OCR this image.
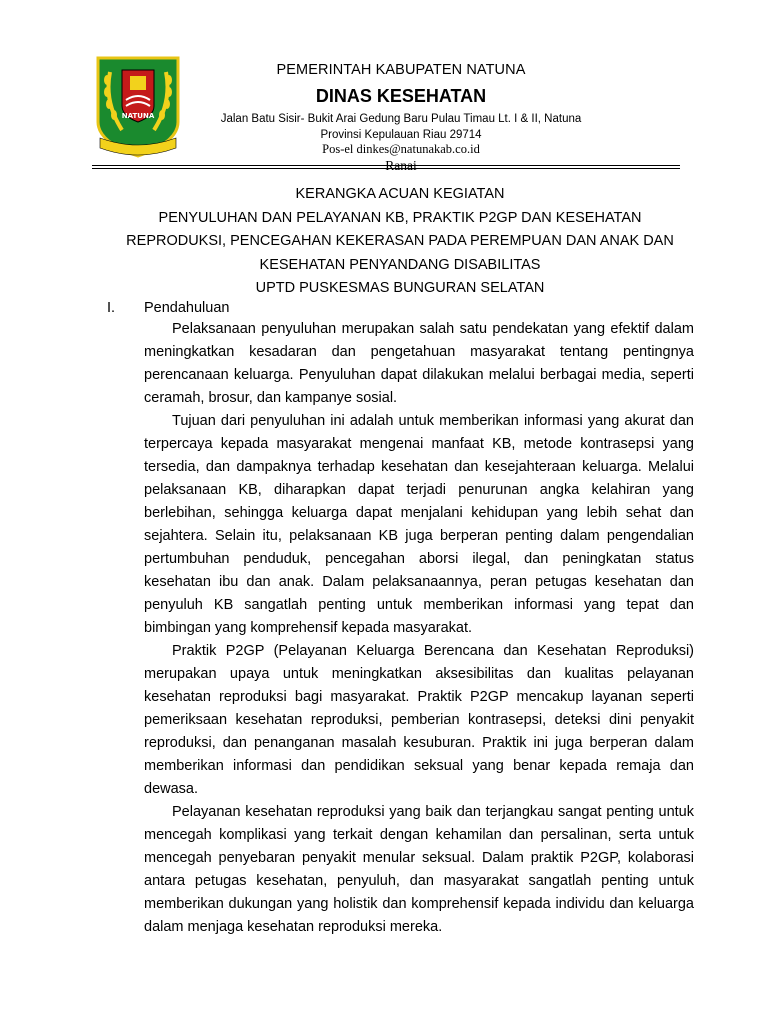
NATUNA
PEMERINTAH KABUPATEN NATUNA
DINAS KESEHATAN
Jalan Batu Sisir- Bukit Arai Gedung Baru Pulau Timau Lt. I & II, Natuna
Provinsi Kepulauan Riau 29714
Pos-el dinkes@natunakab.co.id
Ranai
KERANGKA ACUAN KEGIATAN
PENYULUHAN DAN PELAYANAN KB, PRAKTIK P2GP DAN KESEHATAN
REPRODUKSI, PENCEGAHAN KEKERASAN PADA PEREMPUAN DAN ANAK DAN
KESEHATAN PENYANDANG DISABILITAS
UPTD PUSKESMAS BUNGURAN SELATAN
I. Pendahuluan

Pelaksanaan penyuluhan merupakan salah satu pendekatan yang efektif dalam meningkatkan kesadaran dan pengetahuan masyarakat tentang pentingnya perencanaan keluarga. Penyuluhan dapat dilakukan melalui berbagai media, seperti ceramah, brosur, dan kampanye sosial.

Tujuan dari penyuluhan ini adalah untuk memberikan informasi yang akurat dan terpercaya kepada masyarakat mengenai manfaat KB, metode kontrasepsi yang tersedia, dan dampaknya terhadap kesehatan dan kesejahteraan keluarga. Melalui pelaksanaan KB, diharapkan dapat terjadi penurunan angka kelahiran yang berlebihan, sehingga keluarga dapat menjalani kehidupan yang lebih sehat dan sejahtera. Selain itu, pelaksanaan KB juga berperan penting dalam pengendalian pertumbuhan penduduk, pencegahan aborsi ilegal, dan peningkatan status kesehatan ibu dan anak. Dalam pelaksanaannya, peran petugas kesehatan dan penyuluh KB sangatlah penting untuk memberikan informasi yang tepat dan bimbingan yang komprehensif kepada masyarakat.

Praktik P2GP (Pelayanan Keluarga Berencana dan Kesehatan Reproduksi) merupakan upaya untuk meningkatkan aksesibilitas dan kualitas pelayanan kesehatan reproduksi bagi masyarakat. Praktik P2GP mencakup layanan seperti pemeriksaan kesehatan reproduksi, pemberian kontrasepsi, deteksi dini penyakit reproduksi, dan penanganan masalah kesuburan. Praktik ini juga berperan dalam memberikan informasi dan pendidikan seksual yang benar kepada remaja dan dewasa.

Pelayanan kesehatan reproduksi yang baik dan terjangkau sangat penting untuk mencegah komplikasi yang terkait dengan kehamilan dan persalinan, serta untuk mencegah penyebaran penyakit menular seksual. Dalam praktik P2GP, kolaborasi antara petugas kesehatan, penyuluh, dan masyarakat sangatlah penting untuk memberikan dukungan yang holistik dan komprehensif kepada individu dan keluarga dalam menjaga kesehatan reproduksi mereka.
